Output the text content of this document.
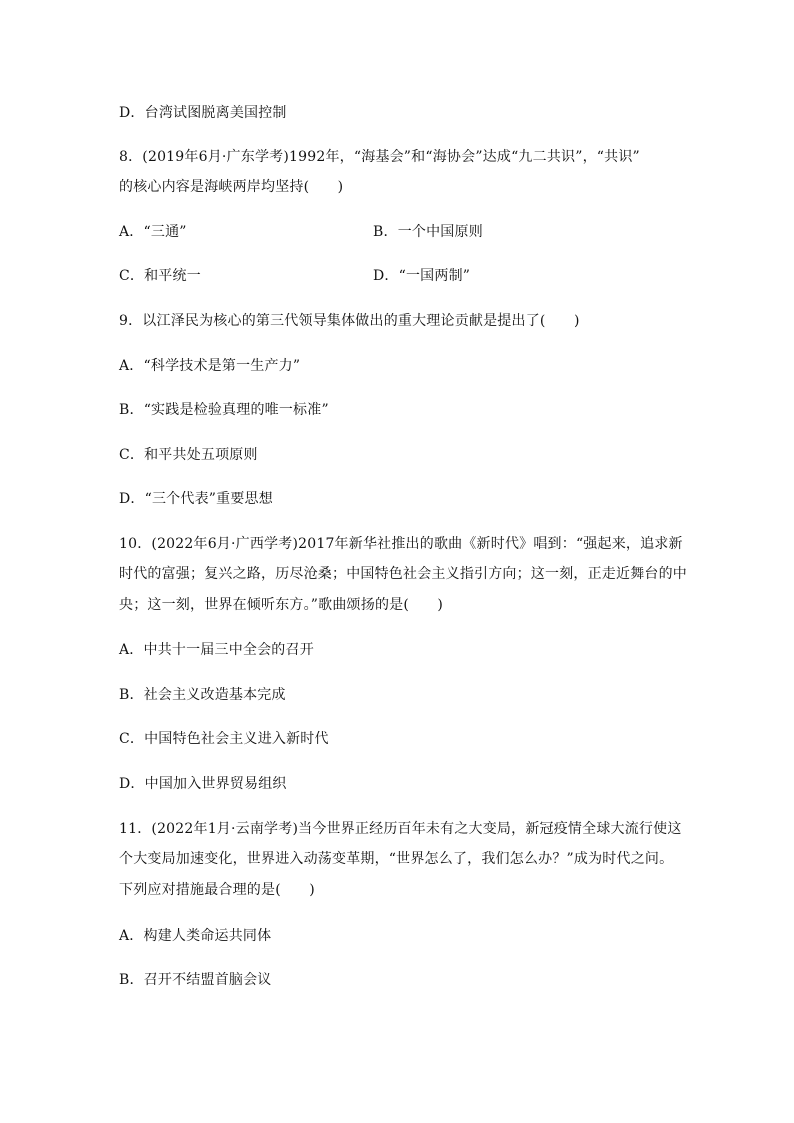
D．台湾试图脱离美国控制
8．(2019年6月·广东学考)1992年，“海基会”和“海协会”达成“九二共识”，“共识”
的核心内容是海峡两岸均坚持(　　)
A．“三通”	B．一个中国原则
C．和平统一	D．“一国两制”
9．以江泽民为核心的第三代领导集体做出的重大理论贡献是提出了(　　)
A．“科学技术是第一生产力”
B．“实践是检验真理的唯一标准”
C．和平共处五项原则
D．“三个代表”重要思想
10．(2022年6月·广西学考)2017年新华社推出的歌曲《新时代》唱到：“强起来，追求新
时代的富强；复兴之路，历尽沧桑；中国特色社会主义指引方向；这一刻，正走近舞台的中
央；这一刻，世界在倾听东方。”歌曲颂扬的是(　　)
A．中共十一届三中全会的召开
B．社会主义改造基本完成
C．中国特色社会主义进入新时代
D．中国加入世界贸易组织
11．(2022年1月·云南学考)当今世界正经历百年未有之大变局，新冠疫情全球大流行使这
个大变局加速变化，世界进入动荡变革期，“世界怎么了，我们怎么办？”成为时代之问。
下列应对措施最合理的是(　　)
A．构建人类命运共同体
B．召开不结盟首脑会议
